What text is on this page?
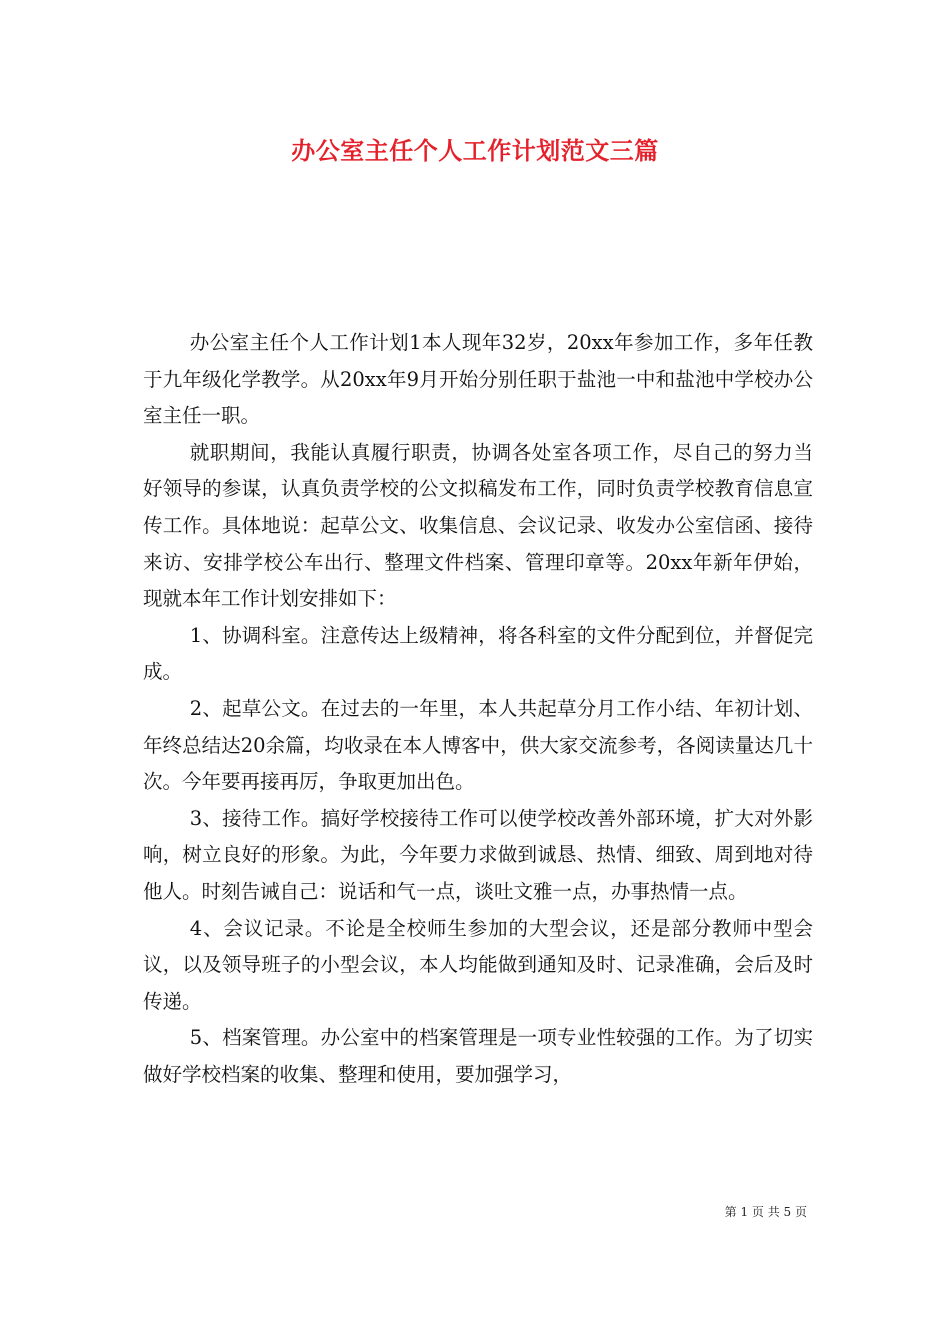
办公室主任个人工作计划范文三篇

办公室主任个人工作计划1本人现年32岁，20xx年参加工作，多年任教于九年级化学教学。从20xx年9月开始分别任职于盐池一中和盐池中学校办公室主任一职。

就职期间，我能认真履行职责，协调各处室各项工作，尽自己的努力当好领导的参谋，认真负责学校的公文拟稿发布工作，同时负责学校教育信息宣传工作。具体地说：起草公文、收集信息、会议记录、收发办公室信函、接待来访、安排学校公车出行、整理文件档案、管理印章等。20xx年新年伊始，现就本年工作计划安排如下：

1、协调科室。注意传达上级精神，将各科室的文件分配到位，并督促完成。

2、起草公文。在过去的一年里，本人共起草分月工作小结、年初计划、年终总结达20余篇，均收录在本人博客中，供大家交流参考，各阅读量达几十次。今年要再接再厉，争取更加出色。

3、接待工作。搞好学校接待工作可以使学校改善外部环境，扩大对外影响，树立良好的形象。为此，今年要力求做到诚恳、热情、细致、周到地对待他人。时刻告诫自己：说话和气一点，谈吐文雅一点，办事热情一点。

4、会议记录。不论是全校师生参加的大型会议，还是部分教师中型会议，以及领导班子的小型会议，本人均能做到通知及时、记录准确，会后及时传递。

5、档案管理。办公室中的档案管理是一项专业性较强的工作。为了切实做好学校档案的收集、整理和使用，要加强学习，

第 1 页 共 5 页
